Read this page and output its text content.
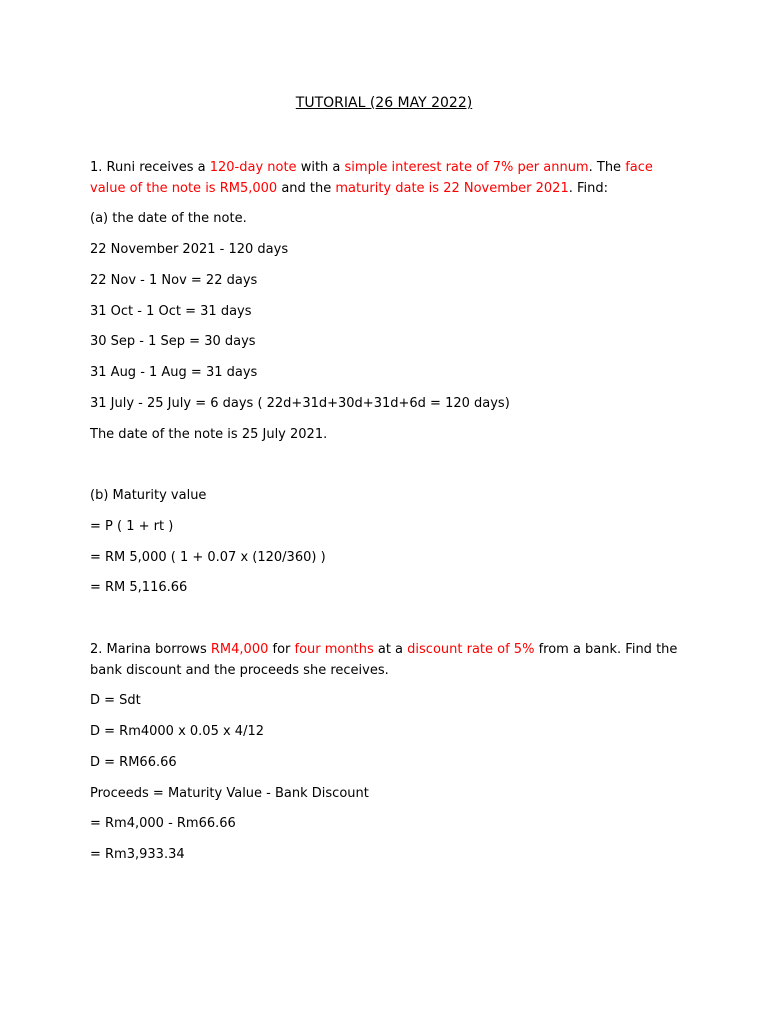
TUTORIAL (26 MAY 2022)
1. Runi receives a 120-day note with a simple interest rate of 7% per annum. The face value of the note is RM5,000 and the maturity date is 22 November 2021. Find:
(a) the date of the note.
22 November 2021 - 120 days
22 Nov - 1 Nov = 22 days
31 Oct - 1 Oct = 31 days
30 Sep - 1 Sep = 30 days
31 Aug - 1 Aug = 31 days
31 July - 25 July = 6 days ( 22d+31d+30d+31d+6d = 120 days)
The date of the note is 25 July 2021.
(b) Maturity value
= P ( 1 + rt )
= RM 5,000 ( 1 + 0.07 x (120/360) )
= RM 5,116.66
2. Marina borrows RM4,000 for four months at a discount rate of 5% from a bank. Find the bank discount and the proceeds she receives.
D = Sdt
D = Rm4000 x 0.05 x 4/12
D = RM66.66
Proceeds = Maturity Value - Bank Discount
= Rm4,000 - Rm66.66
= Rm3,933.34
